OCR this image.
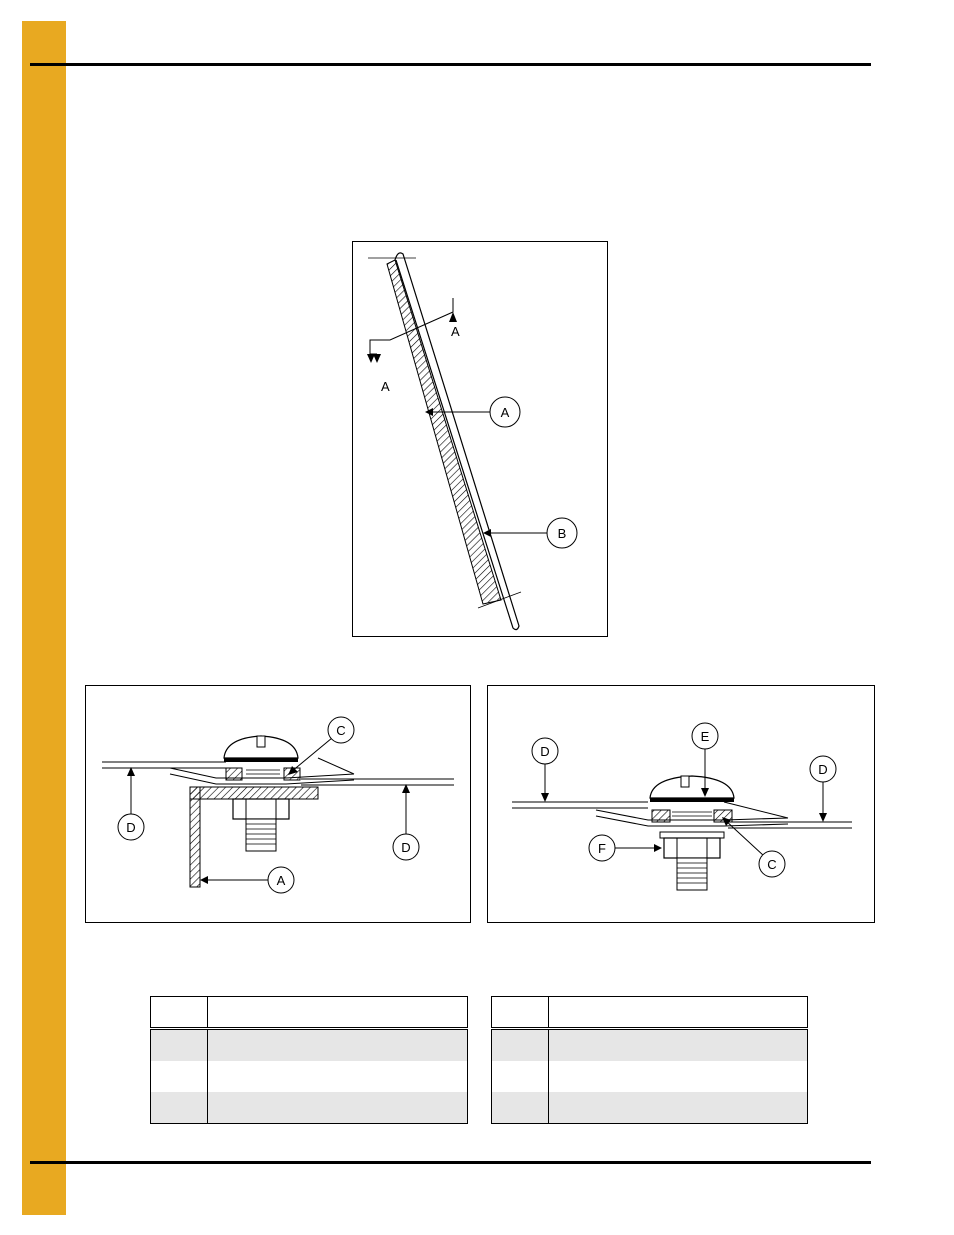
A
A
A
B
C
D
D
A
D
E
D
F
C
